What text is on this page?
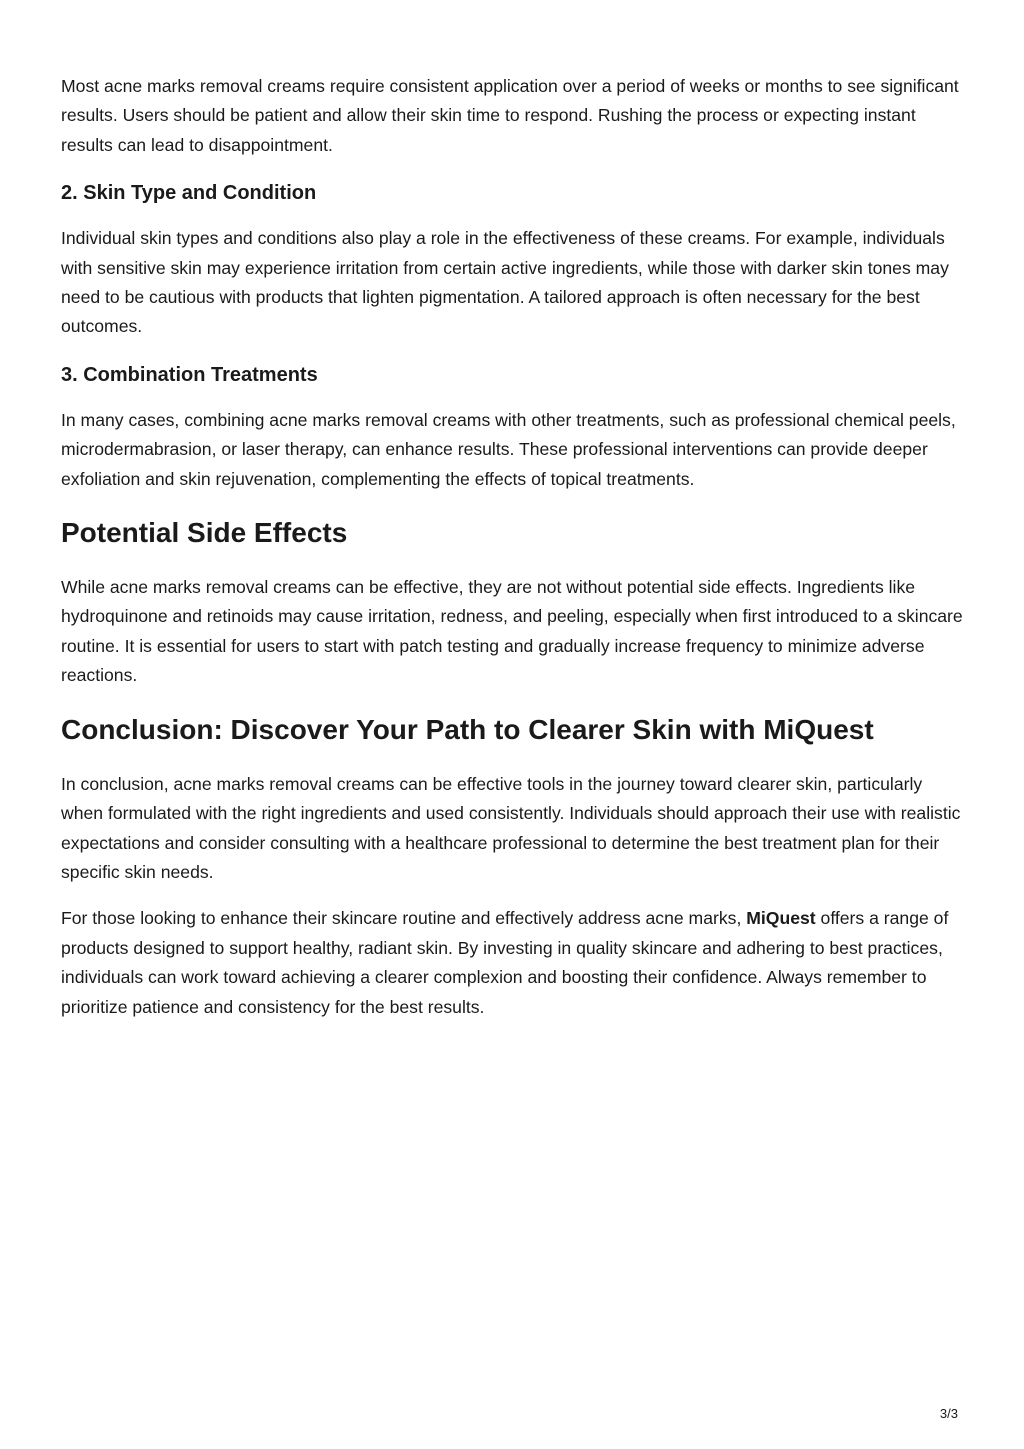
Most acne marks removal creams require consistent application over a period of weeks or months to see significant results. Users should be patient and allow their skin time to respond. Rushing the process or expecting instant results can lead to disappointment.

2. Skin Type and Condition

Individual skin types and conditions also play a role in the effectiveness of these creams. For example, individuals with sensitive skin may experience irritation from certain active ingredients, while those with darker skin tones may need to be cautious with products that lighten pigmentation. A tailored approach is often necessary for the best outcomes.

3. Combination Treatments

In many cases, combining acne marks removal creams with other treatments, such as professional chemical peels, microdermabrasion, or laser therapy, can enhance results. These professional interventions can provide deeper exfoliation and skin rejuvenation, complementing the effects of topical treatments.

Potential Side Effects

While acne marks removal creams can be effective, they are not without potential side effects. Ingredients like hydroquinone and retinoids may cause irritation, redness, and peeling, especially when first introduced to a skincare routine. It is essential for users to start with patch testing and gradually increase frequency to minimize adverse reactions.

Conclusion: Discover Your Path to Clearer Skin with MiQuest

In conclusion, acne marks removal creams can be effective tools in the journey toward clearer skin, particularly when formulated with the right ingredients and used consistently. Individuals should approach their use with realistic expectations and consider consulting with a healthcare professional to determine the best treatment plan for their specific skin needs.

For those looking to enhance their skincare routine and effectively address acne marks, MiQuest offers a range of products designed to support healthy, radiant skin. By investing in quality skincare and adhering to best practices, individuals can work toward achieving a clearer complexion and boosting their confidence. Always remember to prioritize patience and consistency for the best results.

3/3
